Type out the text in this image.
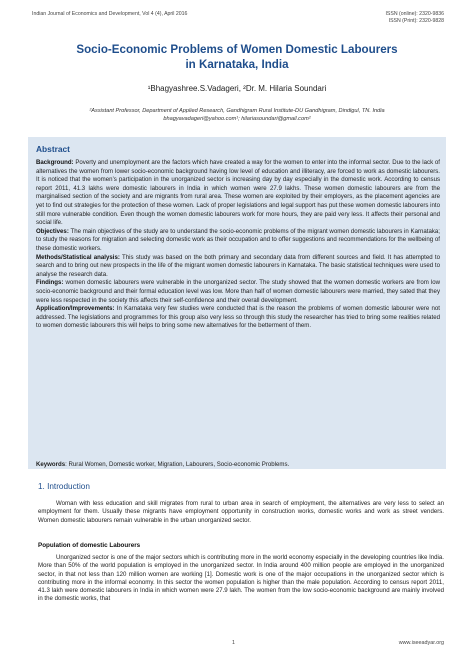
Indian Journal of Economics and Development, Vol 4 (4), April 2016	ISSN (online): 2320-9836
ISSN (Print): 2320-9828
Socio-Economic Problems of Women Domestic Labourers
in Karnataka, India
¹Bhagyashree.S.Vadageri, ²Dr. M. Hilaria Soundari
²Assistant Professor, Department of Applied Research, Gandhigram Rural Institute-DU Gandhigram, Dindigul, TN. India
bhagyavadageri@yahoo.com¹; hilariasoundari@gmail.com²
Abstract

Background: Poverty and unemployment are the factors which have created a way for the women to enter into the informal sector. Due to the lack of alternatives the women from lower socio-economic background having low level of education and illiteracy, are forced to work as domestic labourers. It is noticed that the women’s participation in the unorganized sector is increasing day by day especially in the domestic work. According to census report 2011, 41.3 lakhs were domestic labourers in India in which women were 27.9 lakhs. These women domestic labourers are from the marginalised section of the society and are migrants from rural area. These women are exploited by their employers, as the placement agencies are yet to find out strategies for the protection of these women. Lack of proper legislations and legal support has put these women domestic labourers into still more vulnerable condition. Even though the women domestic labourers work for more hours, they are paid very less. It affects their personal and social life.

Objectives: The main objectives of the study are to understand the socio-economic problems of the migrant women domestic labourers in Karnataka; to study the reasons for migration and selecting domestic work as their occupation and to offer suggestions and recommendations for the wellbeing of these domestic workers.

Methods/Statistical analysis: This study was based on the both primary and secondary data from different sources and field. It has attempted to search and to bring out new prospects in the life of the migrant women domestic labourers in Karnataka. The basic statistical techniques were used to analyse the research data.

Findings: women domestic labourers were vulnerable in the unorganized sector. The study showed that the women domestic workers are from low socio-economic background and their formal education level was low. More than half of women domestic labourers were married, they sated that they were less respected in the society this affects their self-confidence and their overall development.

Application/Improvements: In Karnataka very few studies were conducted that is the reason the problems of women domestic labourer were not addressed. The legislations and programmes for this group also very less so through this study the researcher has tried to bring some realities related to women domestic labourers this will helps to bring some new alternatives for the betterment of them.

Keywords: Rural Women, Domestic worker, Migration, Labourers, Socio-economic Problems.
1. Introduction
Woman with less education and skill migrates from rural to urban area in search of employment, the alternatives are very less to select an employment for them. Usually these migrants have employment opportunity in construction works, domestic works and work as street venders. Women domestic labourers remain vulnerable in the urban unorganized sector.
Population of domestic Labourers
Unorganized sector is one of the major sectors which is contributing more in the world economy especially in the developing countries like India. More than 50% of the world population is employed in the unorganized sector. In India around 400 million people are employed in the unorganized sector, in that not less than 120 million women are working [1]. Domestic work is one of the major occupations in the unorganized sector which is contributing more in the informal economy. In this sector the women population is higher than the male population. According to census report 2011, 41.3 lakh were domestic labourers in India in which women were 27.9 lakh. The women from the low socio-economic background are mainly involved in the domestic works, that
1	www.iseeadyar.org
